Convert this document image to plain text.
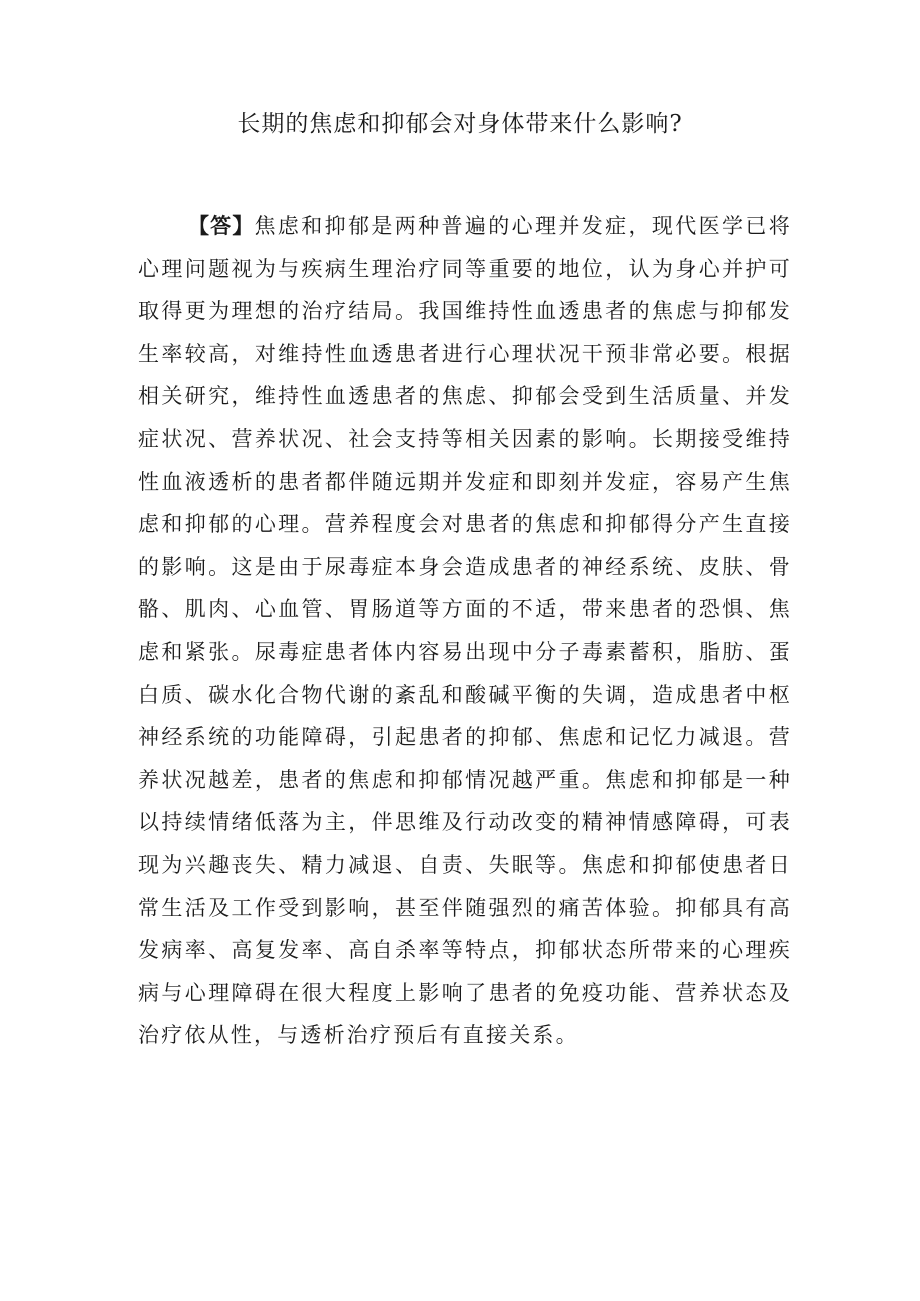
长期的焦虑和抑郁会对身体带来什么影响?

【答】焦虑和抑郁是两种普遍的心理并发症，现代医学已将心理问题视为与疾病生理治疗同等重要的地位，认为身心并护可取得更为理想的治疗结局。我国维持性血透患者的焦虑与抑郁发生率较高，对维持性血透患者进行心理状况干预非常必要。根据相关研究，维持性血透患者的焦虑、抑郁会受到生活质量、并发症状况、营养状况、社会支持等相关因素的影响。长期接受维持性血液透析的患者都伴随远期并发症和即刻并发症，容易产生焦虑和抑郁的心理。营养程度会对患者的焦虑和抑郁得分产生直接的影响。这是由于尿毒症本身会造成患者的神经系统、皮肤、骨骼、肌肉、心血管、胃肠道等方面的不适，带来患者的恐惧、焦虑和紧张。尿毒症患者体内容易出现中分子毒素蓄积，脂肪、蛋白质、碳水化合物代谢的紊乱和酸碱平衡的失调，造成患者中枢神经系统的功能障碍，引起患者的抑郁、焦虑和记忆力减退。营养状况越差，患者的焦虑和抑郁情况越严重。焦虑和抑郁是一种以持续情绪低落为主，伴思维及行动改变的精神情感障碍，可表现为兴趣丧失、精力减退、自责、失眠等。焦虑和抑郁使患者日常生活及工作受到影响，甚至伴随强烈的痛苦体验。抑郁具有高发病率、高复发率、高自杀率等特点，抑郁状态所带来的心理疾病与心理障碍在很大程度上影响了患者的免疫功能、营养状态及治疗依从性，与透析治疗预后有直接关系。
